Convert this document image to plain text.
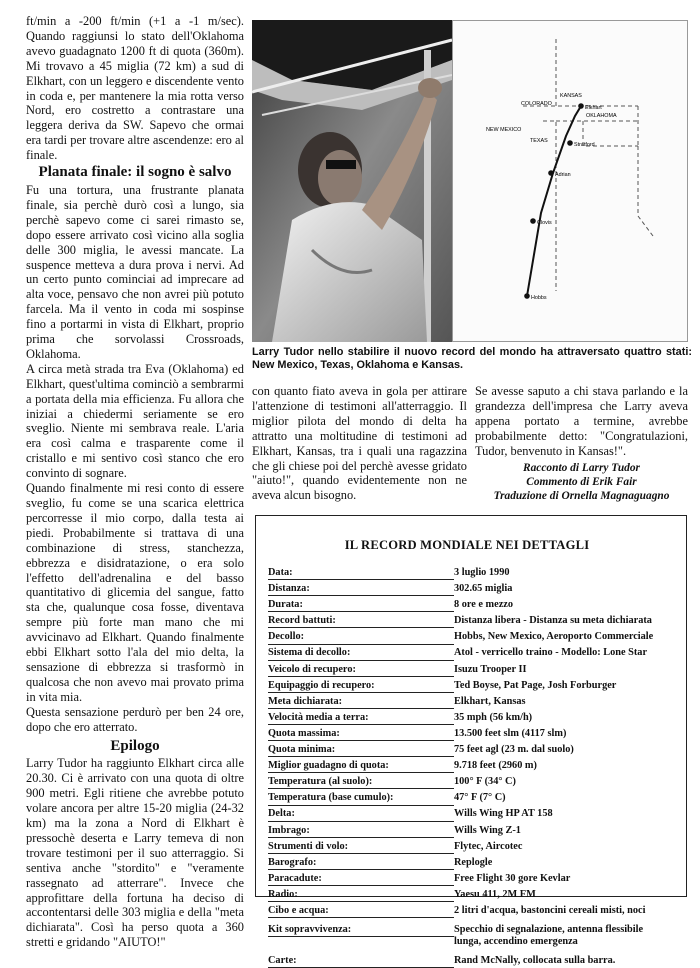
ft/min a -200 ft/min (+1 a -1 m/sec). Quando raggiunsi lo stato dell'Oklahoma avevo guadagnato 1200 ft di quota (360m). Mi trovavo a 45 miglia (72 km) a sud di Elkhart, con un leggero e discendente vento in coda e, per mantenere la mia rotta verso Nord, ero costretto a contrastare una leggera deriva da SW. Sapevo che ormai era tardi per trovare altre ascendenze: ero al finale.

Planata finale: il sogno è salvo

Fu una tortura, una frustrante planata finale, sia perchè durò così a lungo, sia perchè sapevo come ci sarei rimasto se, dopo essere arrivato così vicino alla soglia delle 300 miglia, le avessi mancate. La suspence metteva a dura prova i nervi. Ad un certo punto cominciai ad imprecare ad alta voce, pensavo che non avrei più potuto farcela. Ma il vento in coda mi sospinse fino a portarmi in vista di Elkhart, proprio prima che sorvolassi Crossroads, Oklahoma.

A circa metà strada tra Eva (Oklahoma) ed Elkhart, quest'ultima cominciò a sembrarmi a portata della mia efficienza. Fu allora che iniziai a chiedermi seriamente se ero sveglio. Niente mi sembrava reale. L'aria era così calma e trasparente come il cristallo e mi sentivo così stanco che ero convinto di sognare.

Quando finalmente mi resi conto di essere sveglio, fu come se una scarica elettrica percorresse il mio corpo, dalla testa ai piedi. Probabilmente si trattava di una combinazione di stress, stanchezza, ebbrezza e disidratazione, o era solo l'effetto dell'adrenalina e del basso quantitativo di glicemia del sangue, fatto sta che, qualunque cosa fosse, diventava sempre più forte man mano che mi avvicinavo ad Elkhart. Quando finalmente ebbi Elkhart sotto l'ala del mio delta, la sensazione di ebbrezza si trasformò in qualcosa che non avevo mai provato prima in vita mia.

Questa sensazione perdurò per ben 24 ore, dopo che ero atterrato.

Epilogo

Larry Tudor ha raggiunto Elkhart circa alle 20.30. Ci è arrivato con una quota di oltre 900 metri. Egli ritiene che avrebbe potuto volare ancora per altre 15-20 miglia (24-32 km) ma la zona a Nord di Elkhart è pressochè deserta e Larry temeva di non trovare testimoni per il suo atterraggio. Si sentiva anche "stordito" e "veramente rassegnato ad atterrare". Invece che approfittare della fortuna ha deciso di accontentarsi delle 303 miglia e della "meta dichiarata". Così ha perso quota a 360 stretti e gridando "AIUTO!"

COLORADO
KANSAS
OKLAHOMA
NEW MEXICO
TEXAS
Elkhart
Stratford
Adrian
Clovis
Hobbs
Larry Tudor nello stabilire il nuovo record del mondo ha attraversato quattro stati: New Mexico, Texas, Oklahoma e Kansas.

con quanto fiato aveva in gola per attirare l'attenzione di testimoni all'atterraggio. Il miglior pilota del mondo di delta ha attratto una moltitudine di testimoni ad Elkhart, Kansas, tra i quali una ragazzina che gli chiese poi del perchè avesse gridato "aiuto!", quando evidentemente non ne aveva alcun bisogno.

Se avesse saputo a chi stava parlando e la grandezza dell'impresa che Larry aveva appena portato a termine, avrebbe probabilmente detto: "Congratulazioni, Tudor, benvenuto in Kansas!".

Racconto di Larry Tudor
Commento di Erik Fair
Traduzione di Ornella Magnaguagno
IL RECORD MONDIALE NEI DETTAGLI
Data:	3 luglio 1990
Distanza:	302.65 miglia
Durata:	8 ore e mezzo
Record battuti:	Distanza libera - Distanza su meta dichiarata
Decollo:	Hobbs, New Mexico, Aeroporto Commerciale
Sistema di decollo:	Atol - verricello traino - Modello: Lone Star
Veicolo di recupero:	Isuzu Trooper II
Equipaggio di recupero:	Ted Boyse, Pat Page, Josh Forburger
Meta dichiarata:	Elkhart, Kansas
Velocità media a terra:	35 mph (56 km/h)
Quota massima:	13.500 feet slm (4117 slm)
Quota minima:	75 feet agl (23 m. dal suolo)
Miglior guadagno di quota:	9.718 feet (2960 m)
Temperatura (al suolo):	100° F (34° C)
Temperatura (base cumulo):	47° F (7° C)
Delta:	Wills Wing HP AT 158
Imbrago:	Wills Wing Z-1
Strumenti di volo:	Flytec, Aircotec
Barografo:	Replogle
Paracadute:	Free Flight 30 gore Kevlar
Radio:	Yaesu 411, 2M FM
Cibo e acqua:	2 litri d'acqua, bastoncini cereali misti, noci
Kit sopravvivenza:	Specchio di segnalazione, antenna flessibile lunga, accendino emergenza
Carte:	Rand McNally, collocata sulla barra.
